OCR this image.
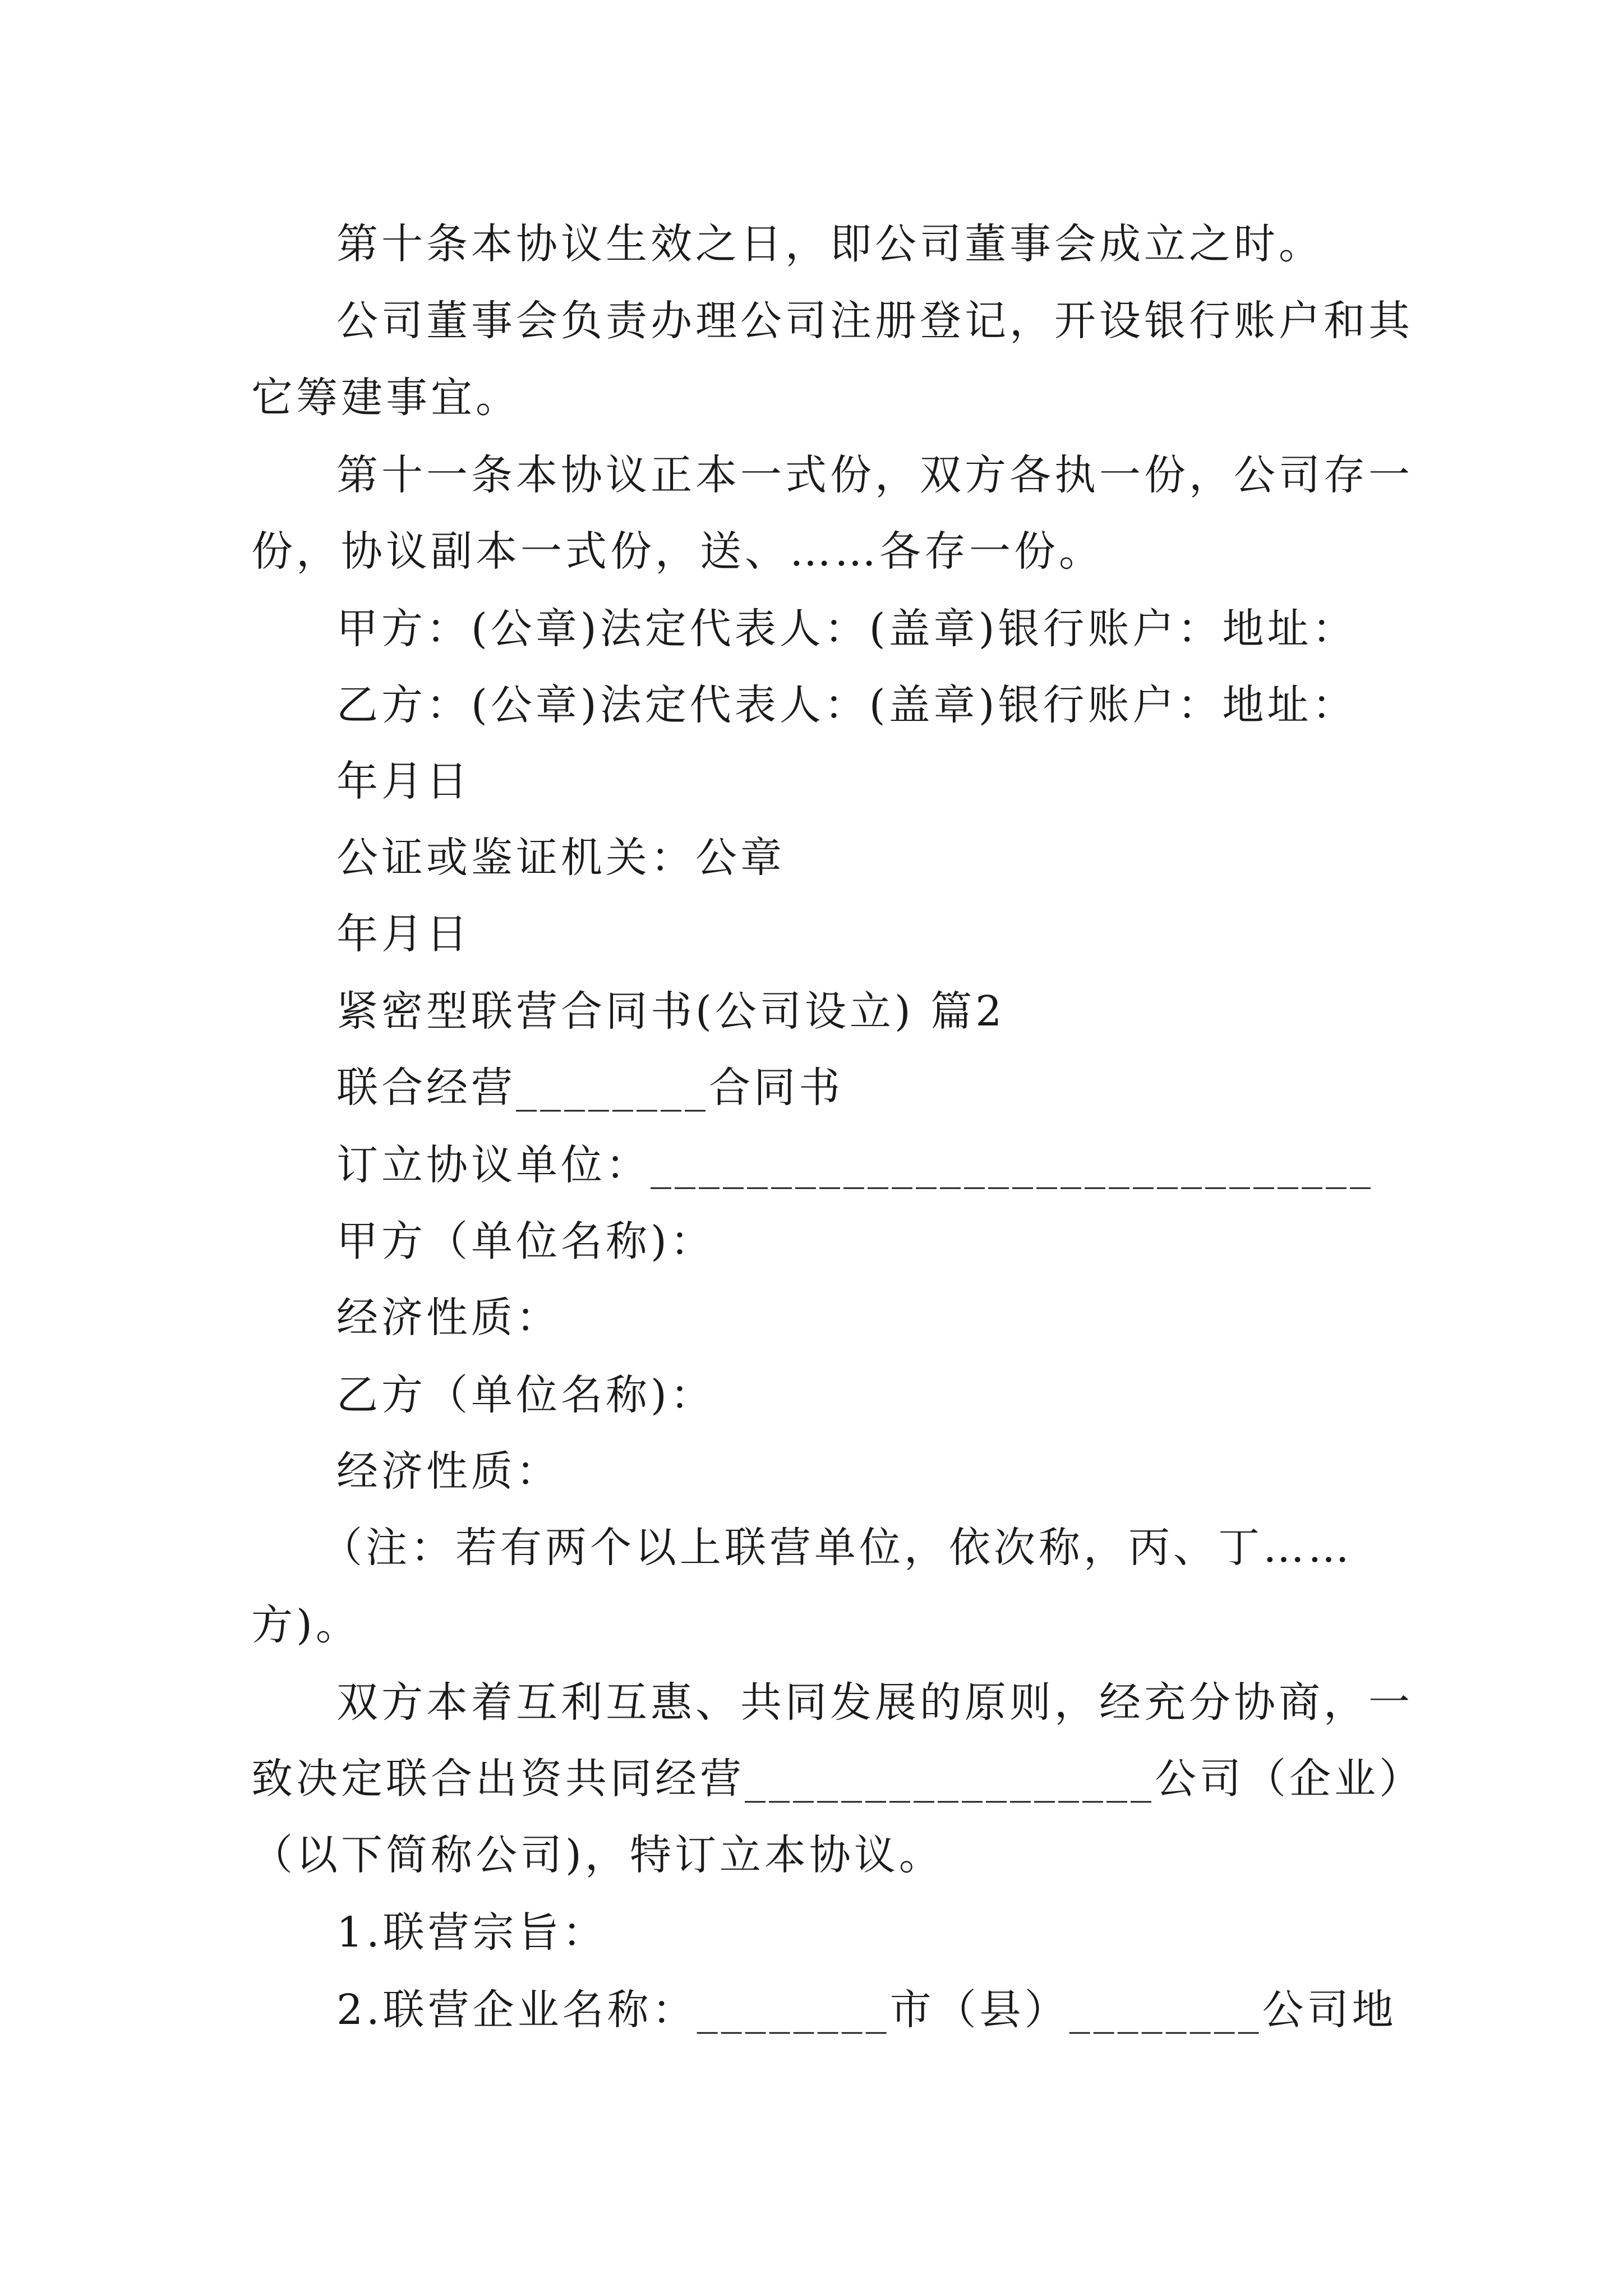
第十条本协议生效之日，即公司董事会成立之时。
公司董事会负责办理公司注册登记，开设银行账户和其
它筹建事宜。
第十一条本协议正本一式份，双方各执一份，公司存一
份，协议副本一式份，送、……各存一份。
甲方：(公章)法定代表人：(盖章)银行账户：地址：
乙方：(公章)法定代表人：(盖章)银行账户：地址：
年月日
公证或鉴证机关：公章
年月日
紧密型联营合同书(公司设立) 篇2
联合经营________合同书
订立协议单位：______________________________
甲方（单位名称)：
经济性质：
乙方（单位名称)：
经济性质：
（注：若有两个以上联营单位，依次称，丙、丁……
方)。
双方本着互利互惠、共同发展的原则，经充分协商，一
致决定联合出资共同经营_________________公司（企业）
（以下简称公司)，特订立本协议。
1.联营宗旨：
2.联营企业名称：________市（县）________公司地
